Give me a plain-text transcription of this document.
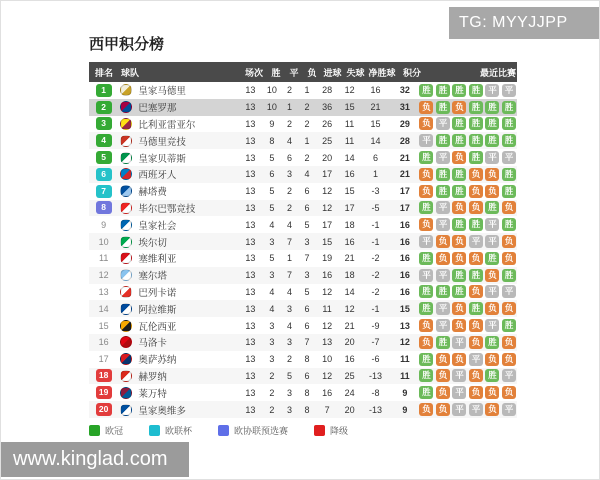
TG: MYYJJPP
西甲积分榜
排名 球队	场次 胜 平 负 进球 失球 净胜球 积分	最近比赛
1	皇家马德里	13	10	2	1	28	12	16	32	胜 胜 胜 胜 平 平
2	巴塞罗那	13	10	1	2	36	15	21	31	负 胜 负 胜 胜 胜
3	比利亚雷亚尔	13	9	2	2	26	11	15	29	负 平 胜 胜 胜 胜
4	马德里竞技	13	8	4	1	25	11	14	28	平 胜 胜 胜 胜 胜
5	皇家贝蒂斯	13	5	6	2	20	14	6	21	胜 平 负 胜 平 平
6	西班牙人	13	6	3	4	17	16	1	21	负 胜 胜 负 负 胜
7	赫塔费	13	5	2	6	12	15	-3	17	负 胜 胜 负 负 胜
8	毕尔巴鄂竞技	13	5	2	6	12	17	-5	17	胜 平 负 负 胜 负
9	皇家社会	13	4	4	5	17	18	-1	16	负 平 胜 胜 平 胜
10	埃尔切	13	3	7	3	15	16	-1	16	平 负 负 平 平 负
11	塞维利亚	13	5	1	7	19	21	-2	16	胜 负 负 负 胜 负
12	塞尔塔	13	3	7	3	16	18	-2	16	平 平 胜 胜 负 胜
13	巴列卡诺	13	4	4	5	12	14	-2	16	胜 胜 胜 负 平 平
14	阿拉维斯	13	4	3	6	11	12	-1	15	胜 平 负 胜 负 负
15	瓦伦西亚	13	3	4	6	12	21	-9	13	负 平 负 负 平 胜
16	马洛卡	13	3	3	7	13	20	-7	12	负 胜 平 负 胜 负
17	奥萨苏纳	13	3	2	8	10	16	-6	11	胜 负 负 平 负 负
18	赫罗纳	13	2	5	6	12	25	-13	11	胜 负 平 负 胜 平
19	莱万特	13	2	3	8	16	24	-8	9	胜 负 平 负 负 负
20	皇家奥维多	13	2	3	8	7	20	-13	9	负 负 平 平 负 平
欧冠	欧联杯	欧协联预选赛	降级
www.kinglad.com
